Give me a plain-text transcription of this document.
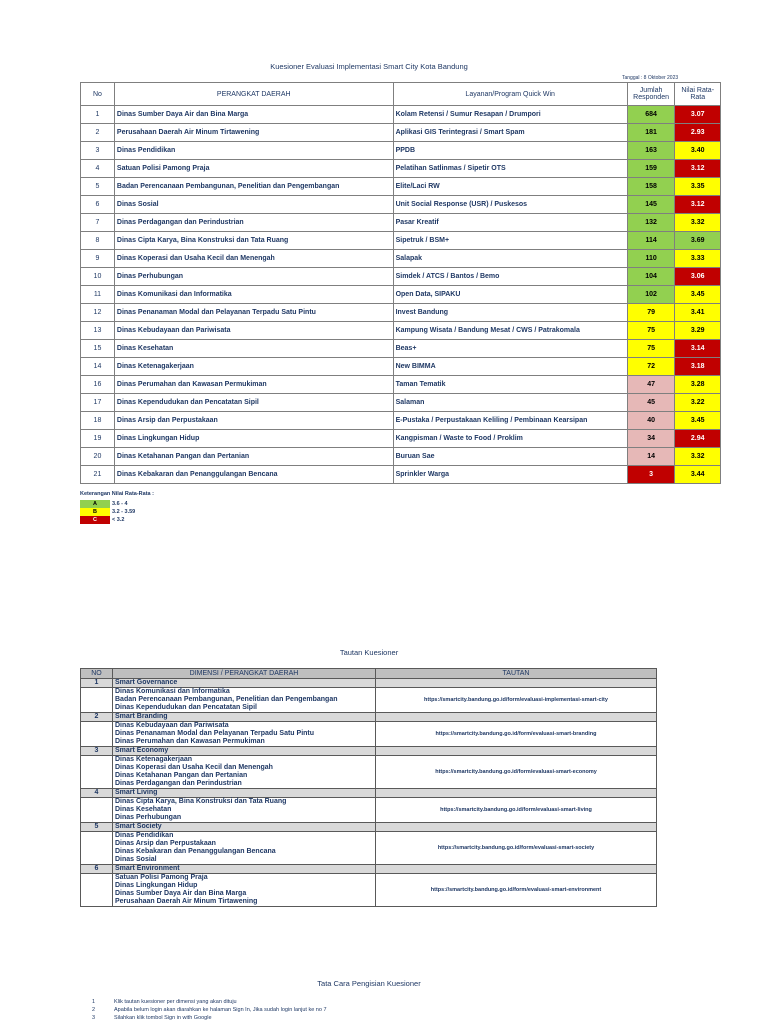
Kuesioner Evaluasi Implementasi Smart City Kota Bandung
Tanggal : 8 Oktober 2023
No	PERANGKAT DAERAH	Layanan/Program Quick Win	Jumlah Responden	Nilai Rata-Rata
1	Dinas Sumber Daya Air dan Bina Marga	Kolam Retensi / Sumur Resapan / Drumpori	684	3.07
2	Perusahaan Daerah Air Minum Tirtawening	Aplikasi GIS Terintegrasi / Smart Spam	181	2.93
3	Dinas Pendidikan	PPDB	163	3.40
4	Satuan Polisi Pamong Praja	Pelatihan Satlinmas / Sipetir OTS	159	3.12
5	Badan Perencanaan Pembangunan, Penelitian dan Pengembangan	Elite/Laci RW	158	3.35
6	Dinas Sosial	Unit Social Response (USR) / Puskesos	145	3.12
7	Dinas Perdagangan dan Perindustrian	Pasar Kreatif	132	3.32
8	Dinas Cipta Karya, Bina Konstruksi dan Tata Ruang	Sipetruk / BSM+	114	3.69
9	Dinas Koperasi dan Usaha Kecil dan Menengah	Salapak	110	3.33
10	Dinas Perhubungan	Simdek / ATCS / Bantos / Bemo	104	3.06
11	Dinas Komunikasi dan Informatika	Open Data, SIPAKU	102	3.45
12	Dinas Penanaman Modal dan Pelayanan Terpadu Satu Pintu	Invest Bandung	79	3.41
13	Dinas Kebudayaan dan Pariwisata	Kampung Wisata / Bandung Mesat / CWS / Patrakomala	75	3.29
15	Dinas Kesehatan	Beas+	75	3.14
14	Dinas Ketenagakerjaan	New BIMMA	72	3.18
16	Dinas Perumahan dan Kawasan Permukiman	Taman Tematik	47	3.28
17	Dinas Kependudukan dan Pencatatan Sipil	Salaman	45	3.22
18	Dinas Arsip dan Perpustakaan	E-Pustaka / Perpustakaan Keliling / Pembinaan Kearsipan	40	3.45
19	Dinas Lingkungan Hidup	Kangpisman / Waste to Food / Proklim	34	2.94
20	Dinas Ketahanan Pangan dan Pertanian	Buruan Sae	14	3.32
21	Dinas Kebakaran dan Penanggulangan Bencana	Sprinkler Warga	3	3.44
Keterangan Nilai Rata-Rata :
A	3.6 - 4
B	3.2 - 3.59
C	< 3.2
Tautan Kuesioner
NO	DIMENSI / PERANGKAT DAERAH	TAUTAN
1	Smart Governance	

	Dinas Komunikasi dan Informatika
Badan Perencanaan Pembangunan, Penelitian dan Pengembangan
Dinas Kependudukan dan Pencatatan Sipil	https://smartcity.bandung.go.id/form/evaluasi-implementasi-smart-city
2	Smart Branding	

	Dinas Kebudayaan dan Pariwisata
Dinas Penanaman Modal dan Pelayanan Terpadu Satu Pintu
Dinas Perumahan dan Kawasan Permukiman	https://smartcity.bandung.go.id/form/evaluasi-smart-branding
3	Smart Economy	

	Dinas Ketenagakerjaan
Dinas Koperasi dan Usaha Kecil dan Menengah
Dinas Ketahanan Pangan dan Pertanian
Dinas Perdagangan dan Perindustrian	https://smartcity.bandung.go.id/form/evaluasi-smart-economy
4	Smart Living	

	Dinas Cipta Karya, Bina Konstruksi dan Tata Ruang
Dinas Kesehatan
Dinas Perhubungan	https://smartcity.bandung.go.id/form/evaluasi-smart-living
5	Smart Society	

	Dinas Pendidikan
Dinas Arsip dan Perpustakaan
Dinas Kebakaran dan Penanggulangan Bencana
Dinas Sosial	https://smartcity.bandung.go.id/form/evaluasi-smart-society
6	Smart Environment	

	Satuan Polisi Pamong Praja
Dinas Lingkungan Hidup
Dinas Sumber Daya Air dan Bina Marga
Perusahaan Daerah Air Minum Tirtawening	https://smartcity.bandung.go.id/form/evaluasi-smart-environment
Tata Cara Pengisian Kuesioner
1	Klik tautan kuesioner per dimensi yang akan dituju
2	Apabila belum login akan diarahkan ke halaman Sign In, Jika sudah login lanjut ke no 7
3	Silahkan klik tombol Sign in with Google
